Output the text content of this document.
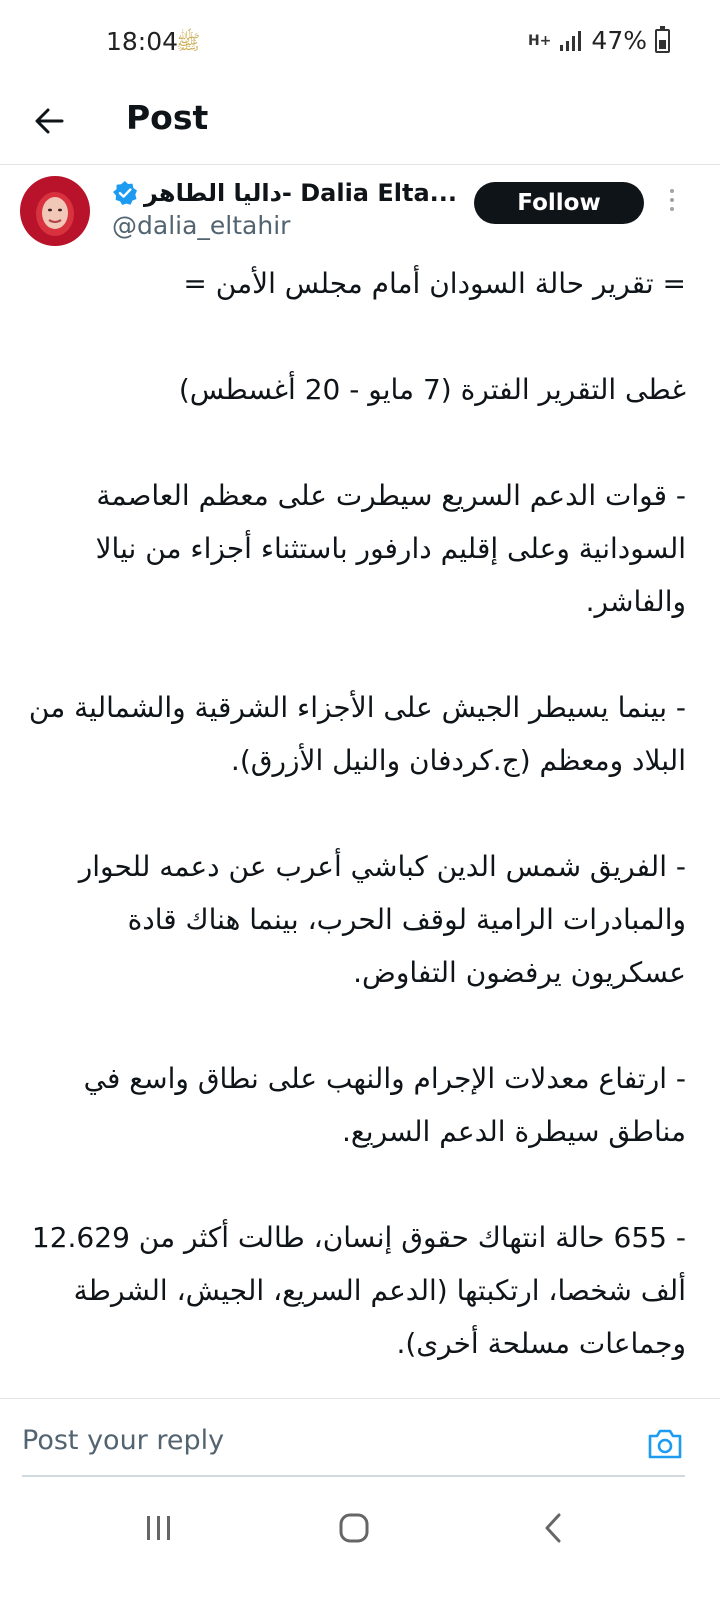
18:04
ﷺ	H+ 47%
Post
داليا الطاهر- Dalia Elta...
@dalia_eltahir
Follow

= تقرير حالة السودان أمام مجلس الأمن =

غطى التقرير الفترة (7 مايو - 20 أغسطس)

- قوات الدعم السريع سيطرت على معظم العاصمة السودانية وعلى إقليم دارفور باستثناء أجزاء من نيالا والفاشر.

- بينما يسيطر الجيش على الأجزاء الشرقية والشمالية من البلاد ومعظم (ج.كردفان والنيل الأزرق).

- الفريق شمس الدين كباشي أعرب عن دعمه للحوار والمبادرات الرامية لوقف الحرب، بينما هناك قادة عسكريون يرفضون التفاوض.

- ارتفاع معدلات الإجرام والنهب على نطاق واسع في مناطق سيطرة الدعم السريع.

- 655 حالة انتهاك حقوق إنسان، طالت أكثر من 12.629 ألف شخصا، ارتكبتها (الدعم السريع، الجيش، الشرطة وجماعات مسلحة أخرى).

Post your reply
